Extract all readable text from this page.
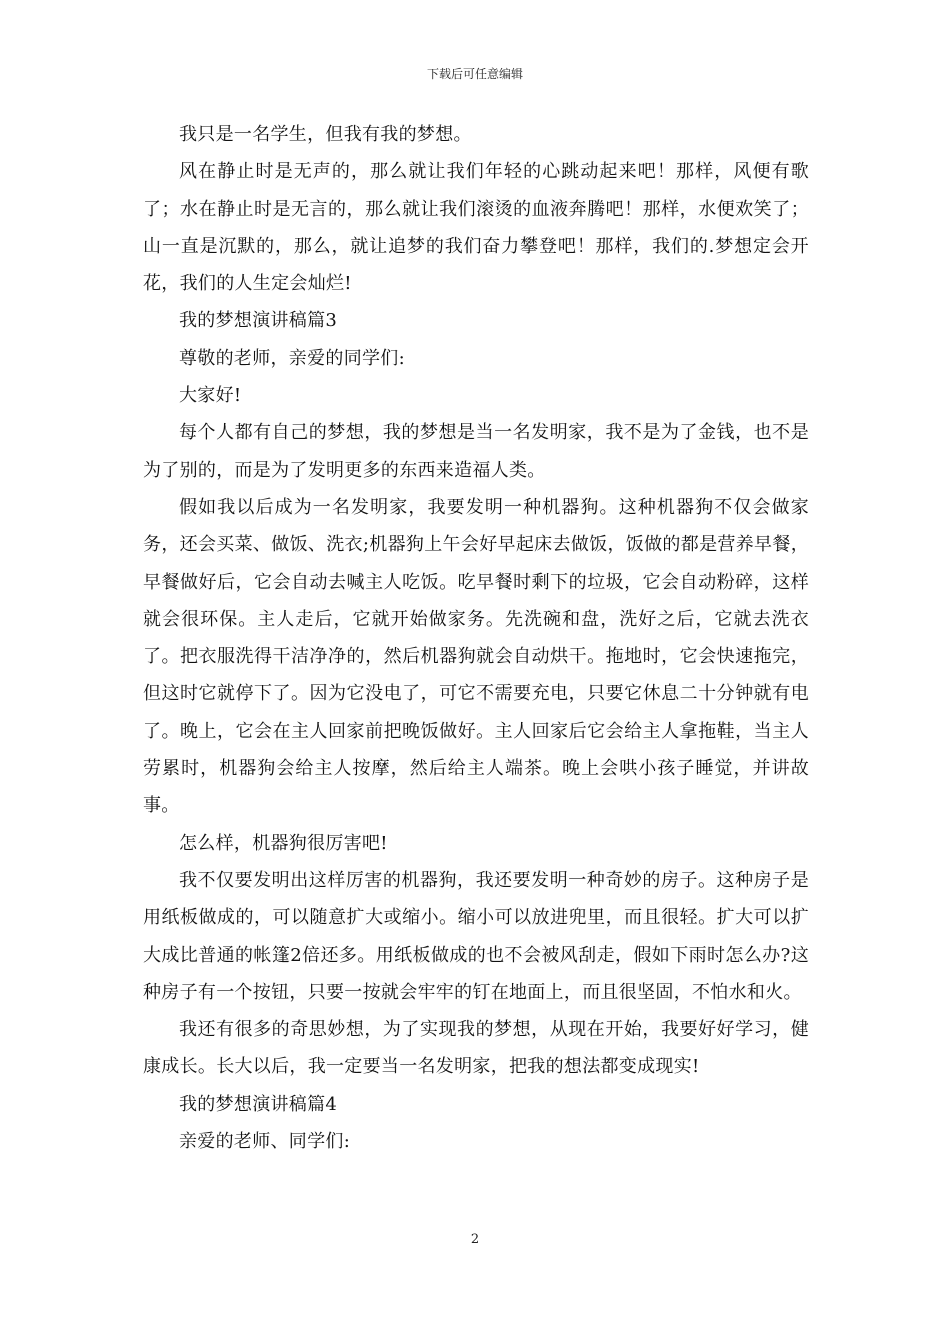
下载后可任意编辑

我只是一名学生，但我有我的梦想。

风在静止时是无声的，那么就让我们年轻的心跳动起来吧！那样，风便有歌了；水在静止时是无言的，那么就让我们滚烫的血液奔腾吧！那样，水便欢笑了；山一直是沉默的，那么，就让追梦的我们奋力攀登吧！那样，我们的.梦想定会开花，我们的人生定会灿烂!

我的梦想演讲稿篇3

尊敬的老师，亲爱的同学们:

大家好!

每个人都有自己的梦想，我的梦想是当一名发明家，我不是为了金钱，也不是为了别的，而是为了发明更多的东西来造福人类。

假如我以后成为一名发明家，我要发明一种机器狗。这种机器狗不仅会做家务，还会买菜、做饭、洗衣;机器狗上午会好早起床去做饭，饭做的都是营养早餐，早餐做好后，它会自动去喊主人吃饭。吃早餐时剩下的垃圾，它会自动粉碎，这样就会很环保。主人走后，它就开始做家务。先洗碗和盘，洗好之后，它就去洗衣了。把衣服洗得干洁净净的，然后机器狗就会自动烘干。拖地时，它会快速拖完，但这时它就停下了。因为它没电了，可它不需要充电，只要它休息二十分钟就有电了。晚上，它会在主人回家前把晚饭做好。主人回家后它会给主人拿拖鞋，当主人劳累时，机器狗会给主人按摩，然后给主人端茶。晚上会哄小孩子睡觉，并讲故事。

怎么样，机器狗很厉害吧!

我不仅要发明出这样厉害的机器狗，我还要发明一种奇妙的房子。这种房子是用纸板做成的，可以随意扩大或缩小。缩小可以放进兜里，而且很轻。扩大可以扩大成比普通的帐篷2倍还多。用纸板做成的也不会被风刮走，假如下雨时怎么办?这种房子有一个按钮，只要一按就会牢牢的钉在地面上，而且很坚固，不怕水和火。

我还有很多的奇思妙想，为了实现我的梦想，从现在开始，我要好好学习，健康成长。长大以后，我一定要当一名发明家，把我的想法都变成现实!

我的梦想演讲稿篇4

亲爱的老师、同学们:

2
